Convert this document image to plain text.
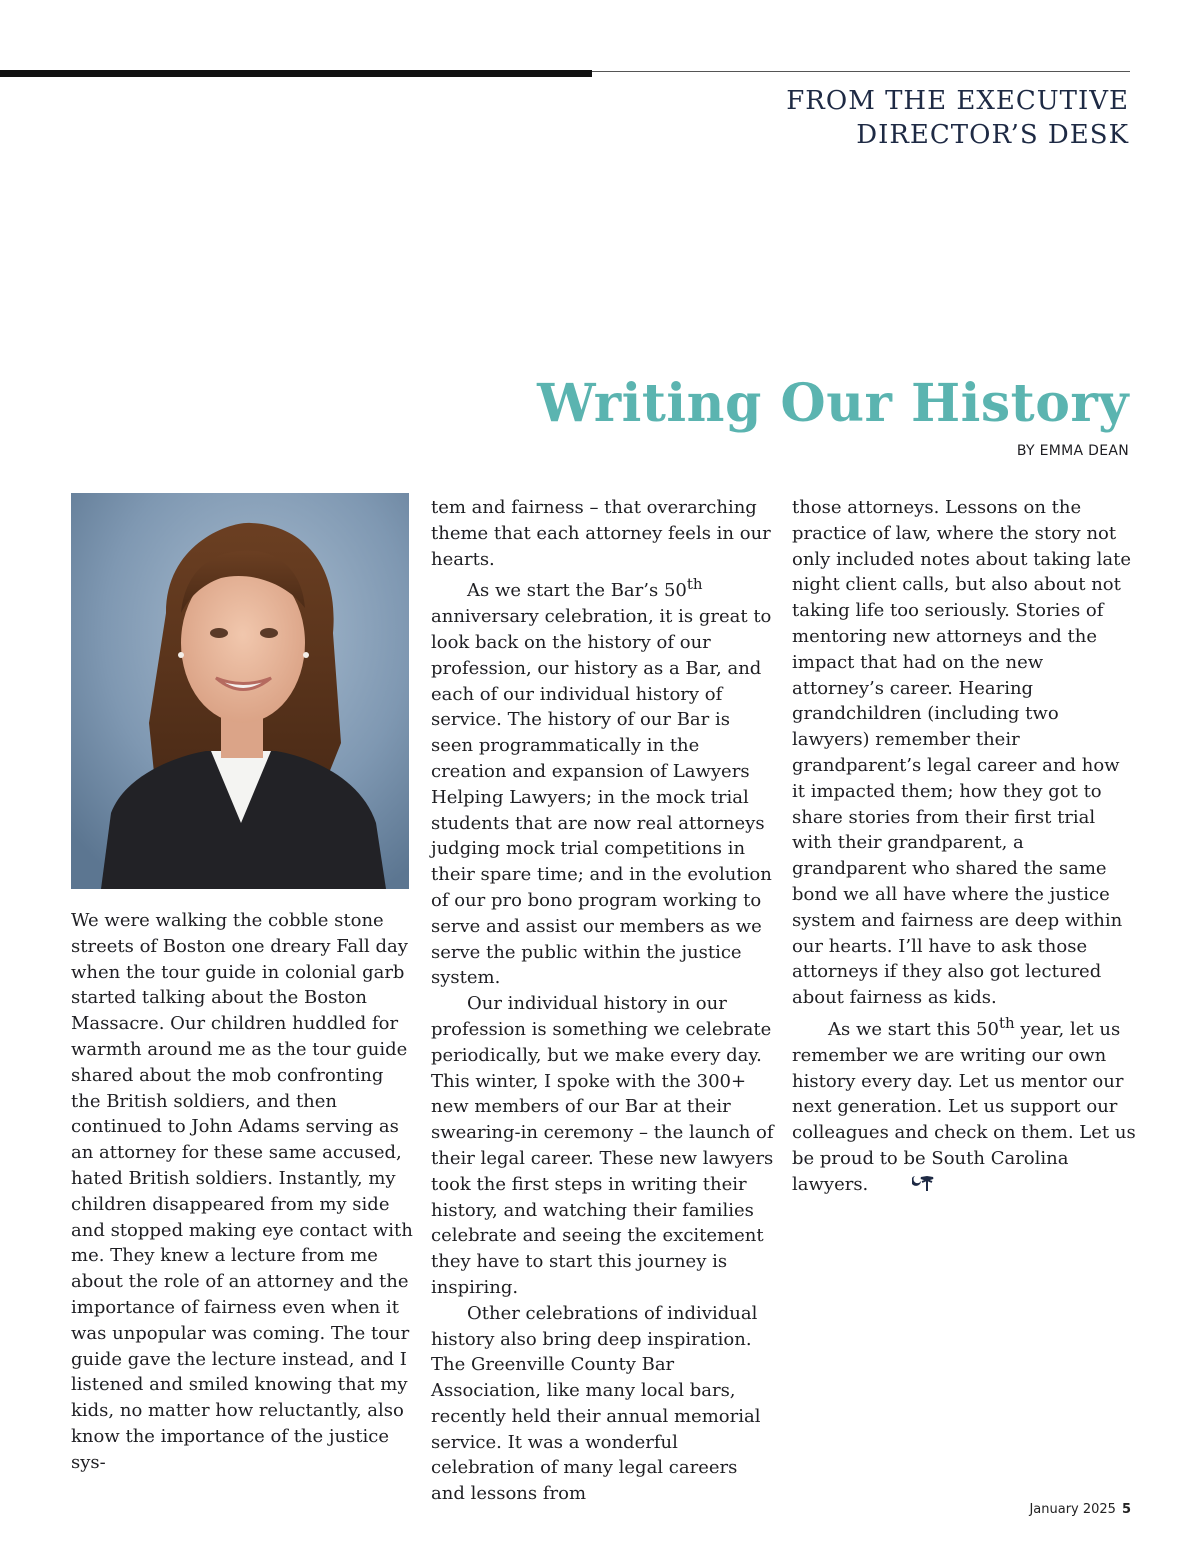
FROM THE EXECUTIVE
DIRECTOR’S DESK
Writing Our History
BY EMMA DEAN

We were walking the cobble stone streets of Boston one dreary Fall day when the tour guide in colonial garb started talking about the Boston Massacre. Our children huddled for warmth around me as the tour guide shared about the mob confronting the British soldiers, and then continued to John Adams serving as an attorney for these same accused, hated British soldiers. Instantly, my children disappeared from my side and stopped making eye contact with me. They knew a lecture from me about the role of an attorney and the importance of fairness even when it was unpopular was coming. The tour guide gave the lecture instead, and I listened and smiled knowing that my kids, no matter how reluctantly, also know the importance of the justice sys-

tem and fairness – that overarching theme that each attorney feels in our hearts.

As we start the Bar’s 50th anniversary celebration, it is great to look back on the history of our profession, our history as a Bar, and each of our individual history of service. The history of our Bar is seen programmatically in the creation and expansion of Lawyers Helping Lawyers; in the mock trial students that are now real attorneys judging mock trial competitions in their spare time; and in the evolution of our pro bono program working to serve and assist our members as we serve the public within the justice system.

Our individual history in our profession is something we celebrate periodically, but we make every day. This winter, I spoke with the 300+ new members of our Bar at their swearing-in ceremony – the launch of their legal career. These new lawyers took the first steps in writing their history, and watching their families celebrate and seeing the excitement they have to start this journey is inspiring.

Other celebrations of individual history also bring deep inspiration. The Greenville County Bar Association, like many local bars, recently held their annual memorial service. It was a wonderful celebration of many legal careers and lessons from

those attorneys. Lessons on the practice of law, where the story not only included notes about taking late night client calls, but also about not taking life too seriously. Stories of mentoring new attorneys and the impact that had on the new attorney’s career. Hearing grandchildren (including two lawyers) remember their grandparent’s legal career and how it impacted them; how they got to share stories from their first trial with their grandparent, a grandparent who shared the same bond we all have where the justice system and fairness are deep within our hearts. I’ll have to ask those attorneys if they also got lectured about fairness as kids.

As we start this 50th year, let us remember we are writing our own history every day. Let us mentor our next generation. Let us support our colleagues and check on them. Let us be proud to be South Carolina lawyers.

January 2025 5
